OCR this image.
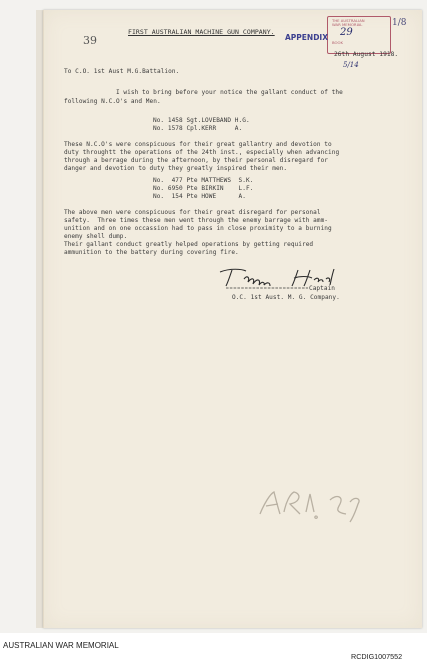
39
FIRST AUSTRALIAN MACHINE GUN COMPANY.
THE AUSTRALIAN
WAR MEMORIAL
BOOK
29
1/8
APPENDIX
26th August 1918.
5/14
To C.O. 1st Aust M.G.Battalion.
I wish to bring before your notice the gallant conduct of the
following N.C.O's and Men.
No. 1458 Sgt.LOVEBAND H.G.
No. 1578 Cpl.KERR     A.
These N.C.O's were conspicuous for their great gallantry and devotion to
duty throughtt the operations of the 24th inst., especially when advancing
through a berrage during the afternoon, by their personal disregard for
danger and devotion to duty they greatly inspired their men.
No.  477 Pte MATTHEWS  S.K.
No. 6950 Pte BIRKIN    L.F.
No.  154 Pte HOWE      A.
The above men were conspicuous for their great disregard for personal
safety.  Three times these men went through the enemy barrage with amm-
unition and on one occassion had to pass in close proximity to a burning
enemy shell dump.
Their gallant conduct greatly helped operations by getting required
ammunition to the battery during covering fire.
Captain
O.C. 1st Aust. M. G. Company.
AUSTRALIAN WAR MEMORIAL
RCDIG1007552
